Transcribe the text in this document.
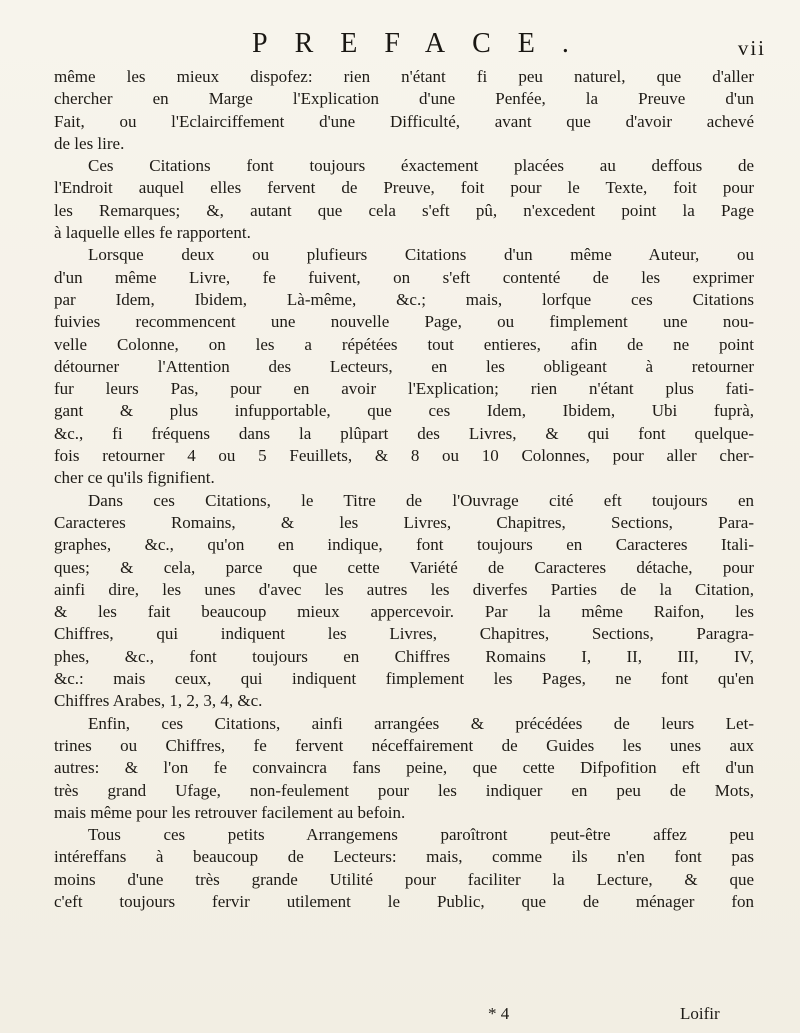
PREFACE.	vii
même les mieux dispofez: rien n'étant fi peu naturel, que d'aller
chercher en Marge l'Explication d'une Penfée, la Preuve d'un
Fait, ou l'Eclairciffement d'une Difficulté, avant que d'avoir achevé
de les lire.
Ces Citations font toujours éxactement placées au deffous de
l'Endroit auquel elles fervent de Preuve, foit pour le Texte, foit pour
les Remarques; &, autant que cela s'eft pû, n'excedent point la Page
à laquelle elles fe rapportent.
Lorsque deux ou plufieurs Citations d'un même Auteur, ou
d'un même Livre, fe fuivent, on s'eft contenté de les exprimer
par Idem, Ibidem, Là-même, &c.; mais, lorfque ces Citations
fuivies recommencent une nouvelle Page, ou fimplement une nou-
velle Colonne, on les a répétées tout entieres, afin de ne point
détourner l'Attention des Lecteurs, en les obligeant à retourner
fur leurs Pas, pour en avoir l'Explication; rien n'étant plus fati-
gant & plus infupportable, que ces Idem, Ibidem, Ubi fuprà,
&c., fi fréquens dans la plûpart des Livres, & qui font quelque-
fois retourner 4 ou 5 Feuillets, & 8 ou 10 Colonnes, pour aller cher-
cher ce qu'ils fignifient.
Dans ces Citations, le Titre de l'Ouvrage cité eft toujours en
Caracteres Romains, & les Livres, Chapitres, Sections, Para-
graphes, &c., qu'on en indique, font toujours en Caracteres Itali-
ques; & cela, parce que cette Variété de Caracteres détache, pour
ainfi dire, les unes d'avec les autres les diverfes Parties de la Citation,
& les fait beaucoup mieux appercevoir. Par la même Raifon, les
Chiffres, qui indiquent les Livres, Chapitres, Sections, Paragra-
phes, &c., font toujours en Chiffres Romains I, II, III, IV,
&c.: mais ceux, qui indiquent fimplement les Pages, ne font qu'en
Chiffres Arabes, 1, 2, 3, 4, &c.
Enfin, ces Citations, ainfi arrangées & précédées de leurs Let-
trines ou Chiffres, fe fervent néceffairement de Guides les unes aux
autres: & l'on fe convaincra fans peine, que cette Difpofition eft d'un
très grand Ufage, non-feulement pour les indiquer en peu de Mots,
mais même pour les retrouver facilement au befoin.
Tous ces petits Arrangemens paroîtront peut-être affez peu
intéreffans à beaucoup de Lecteurs: mais, comme ils n'en font pas
moins d'une très grande Utilité pour faciliter la Lecture, & que
c'eft toujours fervir utilement le Public, que de ménager fon
* 4	Loifir
